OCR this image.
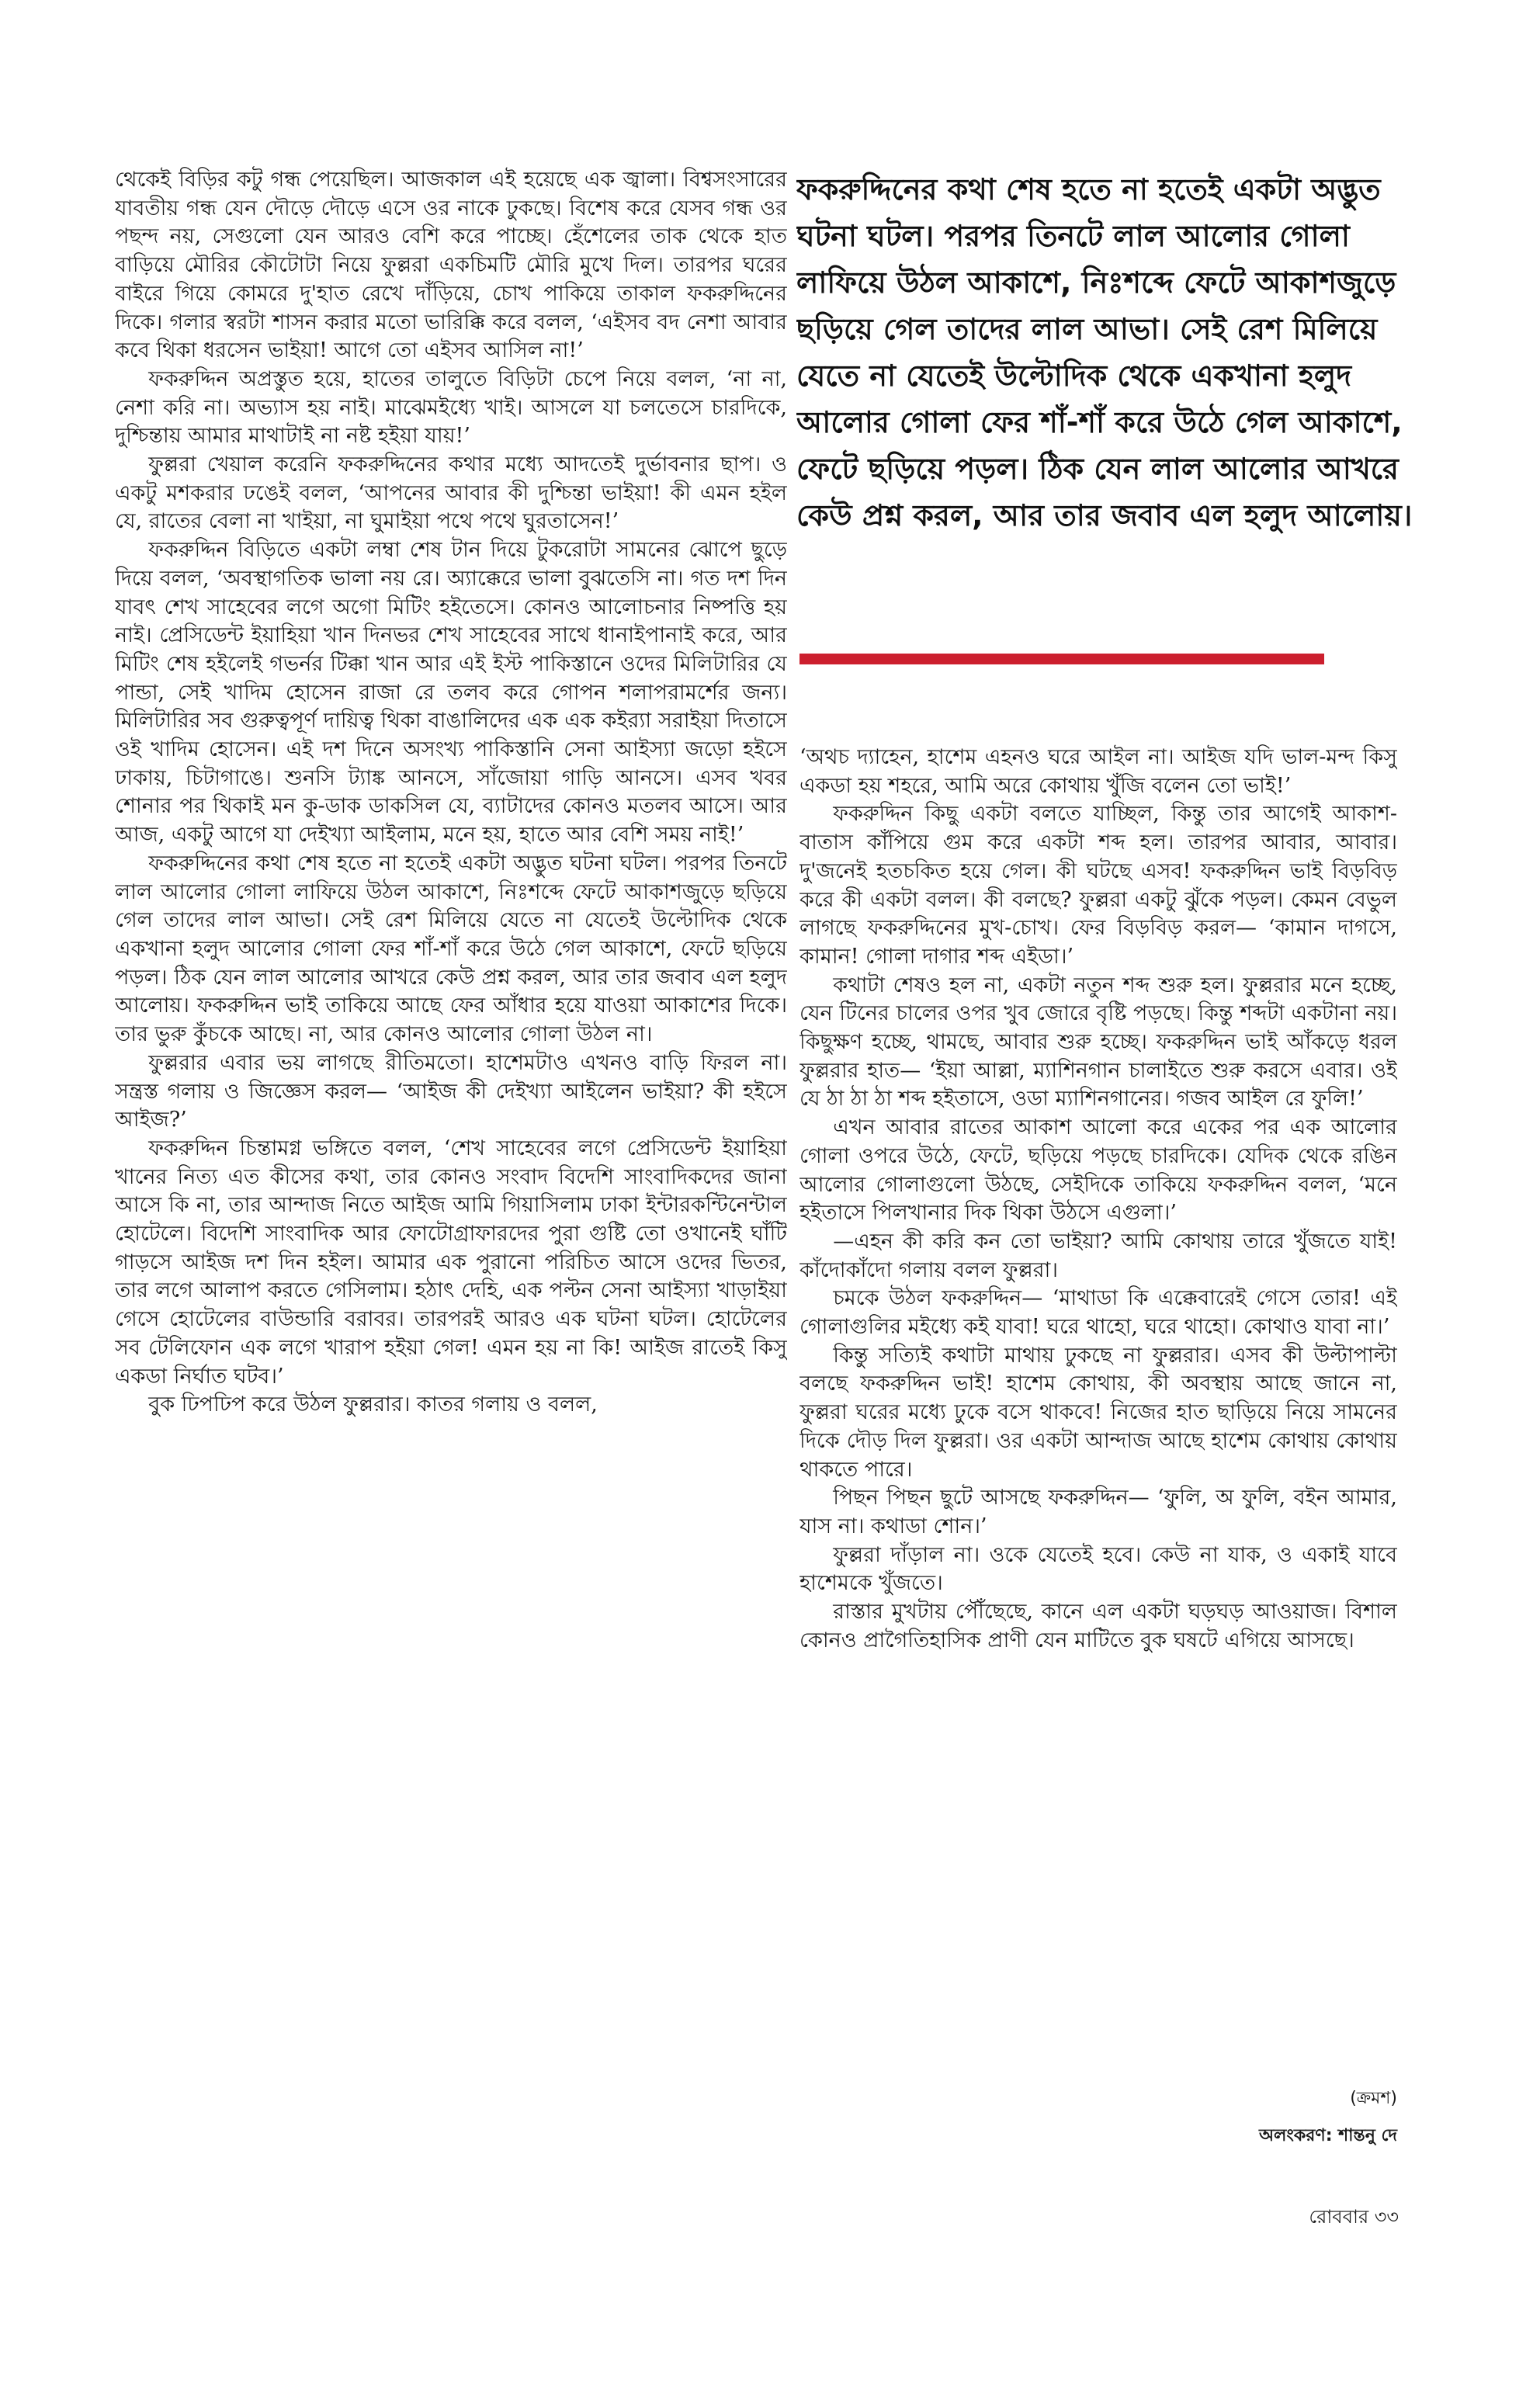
থেকেই বিড়ির কটু গন্ধ পেয়েছিল। আজকাল এই হয়েছে এক জ্বালা। বিশ্বসংসারের যাবতীয় গন্ধ যেন দৌড়ে দৌড়ে এসে ওর নাকে ঢুকছে। বিশেষ করে যেসব গন্ধ ওর পছন্দ নয়, সেগুলো যেন আরও বেশি করে পাচ্ছে। হেঁশেলের তাক থেকে হাত বাড়িয়ে মৌরির কৌটোটা নিয়ে ফুল্লরা একচিমটি মৌরি মুখে দিল। তারপর ঘরের বাইরে গিয়ে কোমরে দু'হাত রেখে দাঁড়িয়ে, চোখ পাকিয়ে তাকাল ফকরুদ্দিনের দিকে। গলার স্বরটা শাসন করার মতো ভারিক্কি করে বলল, ‘এইসব বদ নেশা আবার কবে থিকা ধরসেন ভাইয়া! আগে তো এইসব আসিল না!’

ফকরুদ্দিন অপ্রস্তুত হয়ে, হাতের তালুতে বিড়িটা চেপে নিয়ে বলল, ‘না না, নেশা করি না। অভ্যাস হয় নাই। মাঝেমইধ্যে খাই। আসলে যা চলতেসে চারদিকে, দুশ্চিন্তায় আমার মাথাটাই না নষ্ট হইয়া যায়!’

ফুল্লরা খেয়াল করেনি ফকরুদ্দিনের কথার মধ্যে আদতেই দুর্ভাবনার ছাপ। ও একটু মশকরার ঢঙেই বলল, ‘আপনের আবার কী দুশ্চিন্তা ভাইয়া! কী এমন হইল যে, রাতের বেলা না খাইয়া, না ঘুমাইয়া পথে পথে ঘুরতাসেন!’

ফকরুদ্দিন বিড়িতে একটা লম্বা শেষ টান দিয়ে টুকরোটা সামনের ঝোপে ছুড়ে দিয়ে বলল, ‘অবস্থাগতিক ভালা নয় রে। অ্যাক্কেরে ভালা বুঝতেসি না। গত দশ দিন যাবৎ শেখ সাহেবের লগে অগো মিটিং হইতেসে। কোনও আলোচনার নিষ্পত্তি হয় নাই। প্রেসিডেন্ট ইয়াহিয়া খান দিনভর শেখ সাহেবের সাথে ধানাইপানাই করে, আর মিটিং শেষ হইলেই গভর্নর টিক্কা খান আর এই ইস্ট পাকিস্তানে ওদের মিলিটারির যে পান্ডা, সেই খাদিম হোসেন রাজা রে তলব করে গোপন শলাপরামর্শের জন্য। মিলিটারির সব গুরুত্বপূর্ণ দায়িত্ব থিকা বাঙালিদের এক এক কইর‍্যা সরাইয়া দিতাসে ওই খাদিম হোসেন। এই দশ দিনে অসংখ্য পাকিস্তানি সেনা আইস্যা জড়ো হইসে ঢাকায়, চিটাগাঙে। শুনসি ট্যাঙ্ক আনসে, সাঁজোয়া গাড়ি আনসে। এসব খবর শোনার পর থিকাই মন কু-ডাক ডাকসিল যে, ব্যাটাদের কোনও মতলব আসে। আর আজ, একটু আগে যা দেইখ্যা আইলাম, মনে হয়, হাতে আর বেশি সময় নাই!’

ফকরুদ্দিনের কথা শেষ হতে না হতেই একটা অদ্ভুত ঘটনা ঘটল। পরপর তিনটে লাল আলোর গোলা লাফিয়ে উঠল আকাশে, নিঃশব্দে ফেটে আকাশজুড়ে ছড়িয়ে গেল তাদের লাল আভা। সেই রেশ মিলিয়ে যেতে না যেতেই উল্টোদিক থেকে একখানা হলুদ আলোর গোলা ফের শাঁ-শাঁ করে উঠে গেল আকাশে, ফেটে ছড়িয়ে পড়ল। ঠিক যেন লাল আলোর আখরে কেউ প্রশ্ন করল, আর তার জবাব এল হলুদ আলোয়। ফকরুদ্দিন ভাই তাকিয়ে আছে ফের আঁধার হয়ে যাওয়া আকাশের দিকে। তার ভুরু কুঁচকে আছে। না, আর কোনও আলোর গোলা উঠল না।

ফুল্লরার এবার ভয় লাগছে রীতিমতো। হাশেমটাও এখনও বাড়ি ফিরল না। সন্ত্রস্ত গলায় ও জিজ্ঞেস করল— ‘আইজ কী দেইখ্যা আইলেন ভাইয়া? কী হইসে আইজ?’

ফকরুদ্দিন চিন্তামগ্ন ভঙ্গিতে বলল, ‘শেখ সাহেবের লগে প্রেসিডেন্ট ইয়াহিয়া খানের নিত্য এত কীসের কথা, তার কোনও সংবাদ বিদেশি সাংবাদিকদের জানা আসে কি না, তার আন্দাজ নিতে আইজ আমি গিয়াসিলাম ঢাকা ইন্টারকন্টিনেন্টাল হোটেলে। বিদেশি সাংবাদিক আর ফোটোগ্রাফারদের পুরা গুষ্টি তো ওখানেই ঘাঁটি গাড়সে আইজ দশ দিন হইল। আমার এক পুরানো পরিচিত আসে ওদের ভিতর, তার লগে আলাপ করতে গেসিলাম। হঠাৎ দেহি, এক পল্টন সেনা আইস্যা খাড়াইয়া গেসে হোটেলের বাউন্ডারি বরাবর। তারপরই আরও এক ঘটনা ঘটল। হোটেলের সব টেলিফোন এক লগে খারাপ হইয়া গেল! এমন হয় না কি! আইজ রাতেই কিসু একডা নির্ঘাত ঘটব।’

বুক ঢিপঢিপ করে উঠল ফুল্লরার। কাতর গলায় ও বলল,

ফকরুদ্দিনের কথা শেষ হতে না হতেই একটা অদ্ভুত ঘটনা ঘটল। পরপর তিনটে লাল আলোর গোলা লাফিয়ে উঠল আকাশে, নিঃশব্দে ফেটে আকাশজুড়ে ছড়িয়ে গেল তাদের লাল আভা। সেই রেশ মিলিয়ে যেতে না যেতেই উল্টোদিক থেকে একখানা হলুদ আলোর গোলা ফের শাঁ-শাঁ করে উঠে গেল আকাশে, ফেটে ছড়িয়ে পড়ল। ঠিক যেন লাল আলোর আখরে কেউ প্রশ্ন করল, আর তার জবাব এল হলুদ আলোয়।

‘অথচ দ্যাহেন, হাশেম এহনও ঘরে আইল না। আইজ যদি ভাল-মন্দ কিসু একডা হয় শহরে, আমি অরে কোথায় খুঁজি বলেন তো ভাই!’

ফকরুদ্দিন কিছু একটা বলতে যাচ্ছিল, কিন্তু তার আগেই আকাশ-বাতাস কাঁপিয়ে গুম করে একটা শব্দ হল। তারপর আবার, আবার। দু'জনেই হতচকিত হয়ে গেল। কী ঘটছে এসব! ফকরুদ্দিন ভাই বিড়বিড় করে কী একটা বলল। কী বলছে? ফুল্লরা একটু ঝুঁকে পড়ল। কেমন বেভুল লাগছে ফকরুদ্দিনের মুখ-চোখ। ফের বিড়বিড় করল— ‘কামান দাগসে, কামান! গোলা দাগার শব্দ এইডা।’

কথাটা শেষও হল না, একটা নতুন শব্দ শুরু হল। ফুল্লরার মনে হচ্ছে, যেন টিনের চালের ওপর খুব জোরে বৃষ্টি পড়ছে। কিন্তু শব্দটা একটানা নয়। কিছুক্ষণ হচ্ছে, থামছে, আবার শুরু হচ্ছে। ফকরুদ্দিন ভাই আঁকড়ে ধরল ফুল্লরার হাত— ‘ইয়া আল্লা, ম্যাশিনগান চালাইতে শুরু করসে এবার। ওই যে ঠা ঠা ঠা শব্দ হইতাসে, ওডা ম্যাশিনগানের। গজব আইল রে ফুলি!’

এখন আবার রাতের আকাশ আলো করে একের পর এক আলোর গোলা ওপরে উঠে, ফেটে, ছড়িয়ে পড়ছে চারদিকে। যেদিক থেকে রঙিন আলোর গোলাগুলো উঠছে, সেইদিকে তাকিয়ে ফকরুদ্দিন বলল, ‘মনে হইতাসে পিলখানার দিক থিকা উঠসে এগুলা।’

—এহন কী করি কন তো ভাইয়া? আমি কোথায় তারে খুঁজতে যাই! কাঁদোকাঁদো গলায় বলল ফুল্লরা।

চমকে উঠল ফকরুদ্দিন— ‘মাথাডা কি এক্কেবারেই গেসে তোর! এই গোলাগুলির মইধ্যে কই যাবা! ঘরে থাহো, ঘরে থাহো। কোথাও যাবা না।’

কিন্তু সত্যিই কথাটা মাথায় ঢুকছে না ফুল্লরার। এসব কী উল্টাপাল্টা বলছে ফকরুদ্দিন ভাই! হাশেম কোথায়, কী অবস্থায় আছে জানে না, ফুল্লরা ঘরের মধ্যে ঢুকে বসে থাকবে! নিজের হাত ছাড়িয়ে নিয়ে সামনের দিকে দৌড় দিল ফুল্লরা। ওর একটা আন্দাজ আছে হাশেম কোথায় কোথায় থাকতে পারে।

পিছন পিছন ছুটে আসছে ফকরুদ্দিন— ‘ফুলি, অ ফুলি, বইন আমার, যাস না। কথাডা শোন।’

ফুল্লরা দাঁড়াল না। ওকে যেতেই হবে। কেউ না যাক, ও একাই যাবে হাশেমকে খুঁজতে।

রাস্তার মুখটায় পৌঁছেছে, কানে এল একটা ঘড়ঘড় আওয়াজ। বিশাল কোনও প্রাগৈতিহাসিক প্রাণী যেন মাটিতে বুক ঘষটে এগিয়ে আসছে।

(ক্রমশ)
অলংকরণ: শান্তনু দে
রোববার ৩৩
